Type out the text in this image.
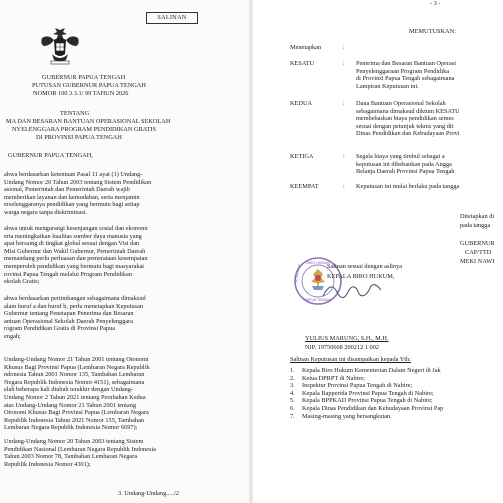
SALINAN
GUBERNUR PAPUA TENGAH
PUTUSAN GUBERNUR PAPUA TENGAH
NOMOR 100.3.3.1/ 99 TAHUN 2026
TENTANG
MA DAN BESARAN BANTUAN OPERASIONAL SEKOLAH
NYELENGGARA PROGRAM PENDIDIKAN GRATIS
DI PROVINSI PAPUA TENGAH
GUBERNUR PAPUA TENGAH,
ahwa berdasarkan ketentuan Pasal 11 ayat (1) Undang-
Undang Nomor 20 Tahun 2003 tentang Sistem Pendidikan
asional, Pemerintah dan Pemerintah Daerah wajib
memberikan layanan dan kemudahan, serta menjamin
erselenggaranya pendidikan yang bermutu bagi setiap
warga negara tanpa diskriminasi.
ahwa untuk mengurangi kesenjangan sosial dan ekonomi
erta meningkatkan kualitas sumber daya manusia yang
apat bersaing di tingkat global sesuai dengan Visi dan
Misi Gubernur dan Wakil Gubernur, Pemerintah Daerah
memandang perlu perluasan dan pemerataan kesempatan
memperoleh pendidikan yang bermutu bagi masyarakat
rovinsi Papua Tengah melalui Program Pendidikan
ekolah Gratis;
ahwa berdasarkan pertimbangan sebagaimana dimaksud
alam huruf a dan huruf b, perlu menetapkan Keputusan
Gubernur tentang Penetapan Penerima dan Besaran
antuan Operasional Sekolah Daerah Penyelenggara
rogram Pendidikan Gratis di Provinsi Papua
engah;
Undang-Undang Nomor 21 Tahun 2001 tentang Otonomi
Khusus Bagi Provinsi Papua (Lembaran Negara Republik
ndonesia Tahun 2001 Nomor 135, Tambahan Lembaran
Negara Republik Indonesia Nomor 4151), sebagaimana
elah beberapa kali diubah terakhir dengan Undang-
Undang Nomor 2 Tahun 2021 tentang Perubahan Kedua
atas Undang-Undang Nomor 21 Tahun 2001 tentang
Otonomi Khusus Bagi Provinsi Papua (Lembaran Negara
Republik Indonesia Tahun 2021 Nomor 155, Tambahan
Lembaran Negara Republik Indonesia Nomor 6697);
Undang-Undang Nomor 20 Tahun 2003 tentang Sistem
Pendidikan Nasional (Lembaran Negara Republik Indonesia
Tahun 2003 Nomor 78, Tambahan Lembaran Negara
Republik Indonesia Nomor 4301);
3. Undang-Undang...../2
- 3 -
MEMUTUSKAN:
Menetapkan	:
KESATU	: Penerima dan Besaran Bantuan Operasi
Penyelenggaraan Program Pendidika
di Provinsi Papua Tengah sebagaimana
Lampiran Keputusan ini.
KEDUA	: Dana Bantuan Operasional Sekolah
sebagaimana dimaksud diktum KESATU
membebaskan biaya pendidikan semes
sesuai dengan petunjuk teknis yang dit
Dinas Pendidikan dan Kebudayaan Provi
KETIGA	: Segala biaya yang timbul sebagai a
keputusan ini dibebankan pada Angga
Belanja Daerah Provinsi Papua Tengah
KEEMPAT	: Keputusan ini mulai berlaku pada tangga
Ditetapkan di
pada tangga
GUBERNUR
CAP/TTD
MEKI NAWI
BIRO HUKUM
PAPUA TENGAH
SETDA PROV.	Salinan sesuai dengan aslinya
KEPALA BIRO HUKUM,
YULIUS MARUNG, S.H., M.H.
NIP. 19750608 200212 1 002
Salinan Keputusan ini disampaikan kepada Yth:
1. Kepala Biro Hukum Kementerian Dalam Negeri di Jak
2. Ketua DPRPT di Nabire;
3. Inspektur Provinsi Papua Tengah di Nabire;
4. Kepala Bapperida Provinsi Papua Tengah di Nabire;
5. Kepala BPPKAD Provinsi Papua Tengah di Nabire;
6. Kepala Dinas Pendidikan dan Kebudayaan Provinsi Pap
7. Masing-masing yang bersangkutan.
